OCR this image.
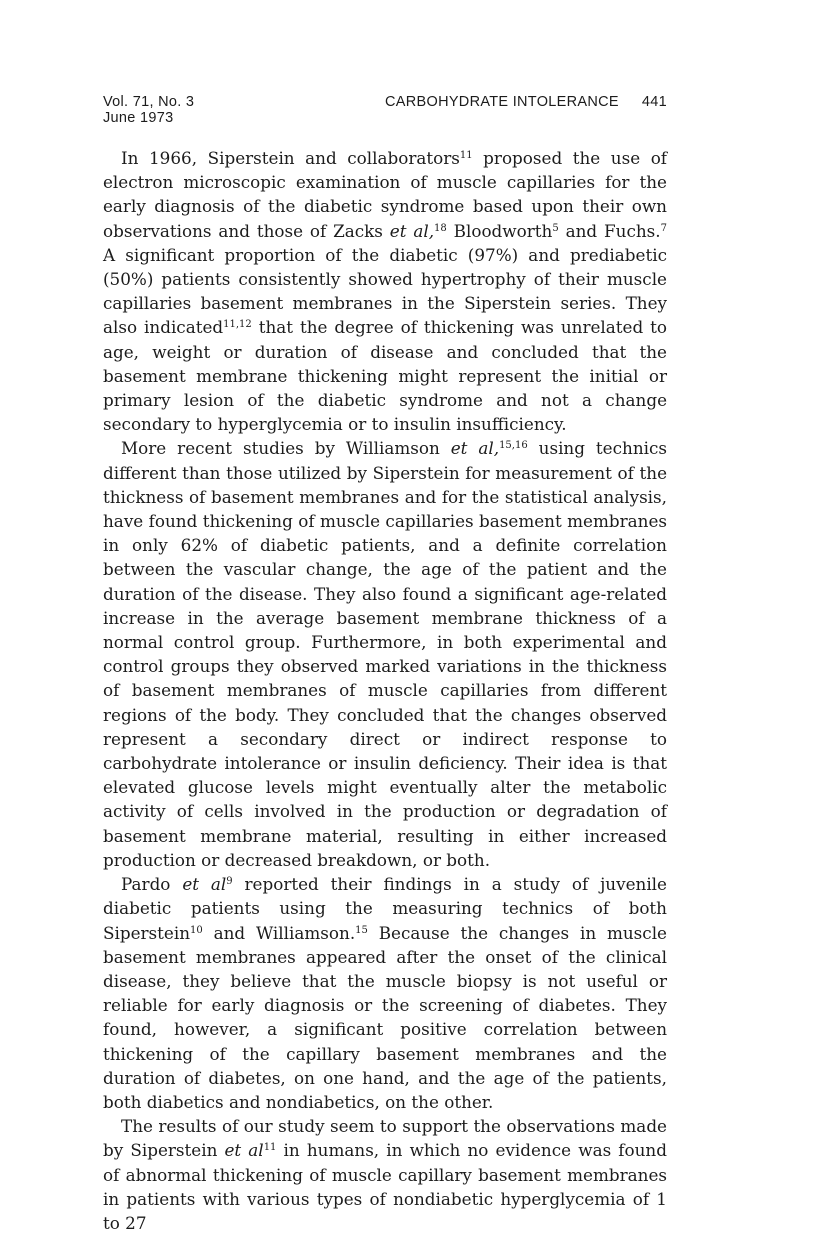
Vol. 71, No. 3
June 1973
CARBOHYDRATE INTOLERANCE 441

In 1966, Siperstein and collaborators$^{11}$ proposed the use of electron microscopic examination of muscle capillaries for the early diagnosis of the diabetic syndrome based upon their own observations and those of Zacks et al,$^{18}$ Bloodworth$^5$ and Fuchs.$^7$ A significant proportion of the diabetic (97%) and prediabetic (50%) patients consistently showed hypertrophy of their muscle capillaries basement membranes in the Siperstein series. They also indicated$^{11,12}$ that the degree of thickening was unrelated to age, weight or duration of disease and concluded that the basement membrane thickening might represent the initial or primary lesion of the diabetic syndrome and not a change secondary to hyperglycemia or to insulin insufficiency.

More recent studies by Williamson et al,$^{15,16}$ using technics different than those utilized by Siperstein for measurement of the thickness of basement membranes and for the statistical analysis, have found thickening of muscle capillaries basement membranes in only 62% of diabetic patients, and a definite correlation between the vascular change, the age of the patient and the duration of the disease. They also found a significant age-related increase in the average basement membrane thickness of a normal control group. Furthermore, in both experimental and control groups they observed marked variations in the thickness of basement membranes of muscle capillaries from different regions of the body. They concluded that the changes observed represent a secondary direct or indirect response to carbohydrate intolerance or insulin deficiency. Their idea is that elevated glucose levels might eventually alter the metabolic activity of cells involved in the production or degradation of basement membrane material, resulting in either increased production or decreased breakdown, or both.

Pardo et $al^9$ reported their findings in a study of juvenile diabetic patients using the measuring technics of both Siperstein$^{10}$ and Williamson.$^{15}$ Because the changes in muscle basement membranes appeared after the onset of the clinical disease, they believe that the muscle biopsy is not useful or reliable for early diagnosis or the screening of diabetes. They found, however, a significant positive correlation between thickening of the capillary basement membranes and the duration of diabetes, on one hand, and the age of the patients, both diabetics and nondiabetics, on the other.

The results of our study seem to support the observations made by Siperstein et $al^{11}$ in humans, in which no evidence was found of abnormal thickening of muscle capillary basement membranes in patients with various types of nondiabetic hyperglycemia of 1 to 27
